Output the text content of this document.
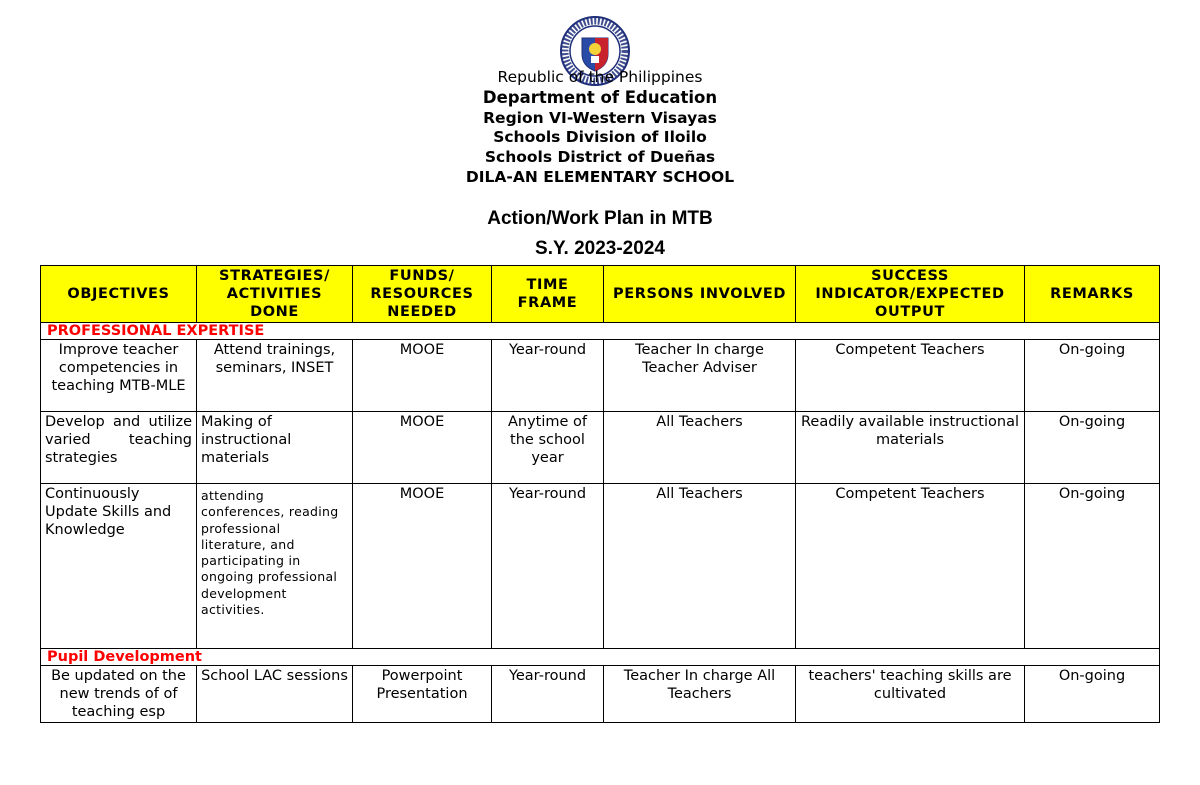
Republic of the Philippines
Department of Education
Region VI-Western Visayas
Schools Division of Iloilo
Schools District of Dueñas
DILA-AN ELEMENTARY SCHOOL
Action/Work Plan in MTB
S.Y. 2023-2024
OBJECTIVES	STRATEGIES/ ACTIVITIES DONE	FUNDS/ RESOURCES NEEDED	TIME FRAME	PERSONS INVOLVED	SUCCESS INDICATOR/EXPECTED OUTPUT	REMARKS
PROFESSIONAL EXPERTISE						
Improve teacher competencies in teaching MTB-MLE	Attend trainings, seminars, INSET	MOOE	Year-round	Teacher In charge Teacher Adviser	Competent Teachers	On-going
Develop and utilize varied teaching strategies	Making of instructional materials	MOOE	Anytime of the school year	All Teachers	Readily available instructional materials	On-going
Continuously Update Skills and Knowledge	attending conferences, reading professional literature, and participating in ongoing professional development activities.	MOOE	Year-round	All Teachers	Competent Teachers	On-going
Pupil Development						
Be updated on the new trends of of teaching esp	School LAC sessions	Powerpoint Presentation	Year-round	Teacher In charge All Teachers	teachers' teaching skills are cultivated	On-going
